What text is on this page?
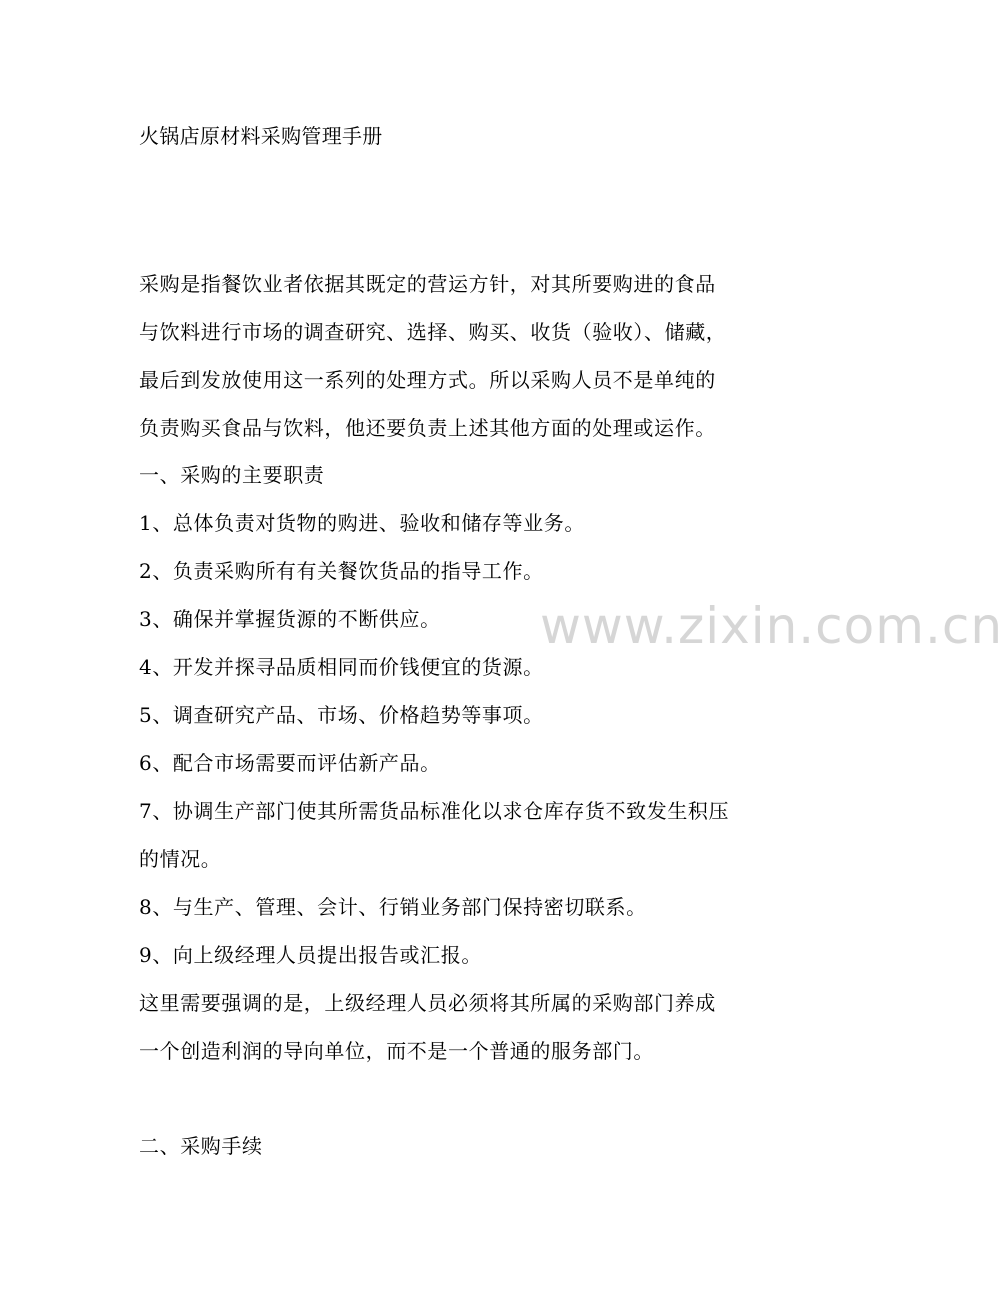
火锅店原材料采购管理手册
采购是指餐饮业者依据其既定的营运方针，对其所要购进的食品
与饮料进行市场的调查研究、选择、购买、收货（验收）、储藏，
最后到发放使用这一系列的处理方式。所以采购人员不是单纯的
负责购买食品与饮料，他还要负责上述其他方面的处理或运作。
一、采购的主要职责
1、总体负责对货物的购进、验收和储存等业务。
2、负责采购所有有关餐饮货品的指导工作。
3、确保并掌握货源的不断供应。
4、开发并探寻品质相同而价钱便宜的货源。
5、调查研究产品、市场、价格趋势等事项。
6、配合市场需要而评估新产品。
7、协调生产部门使其所需货品标准化以求仓库存货不致发生积压
的情况。
8、与生产、管理、会计、行销业务部门保持密切联系。
9、向上级经理人员提出报告或汇报。
这里需要强调的是，上级经理人员必须将其所属的采购部门养成
一个创造利润的导向单位，而不是一个普通的服务部门。
二、采购手续
www.zixin.com.cn
